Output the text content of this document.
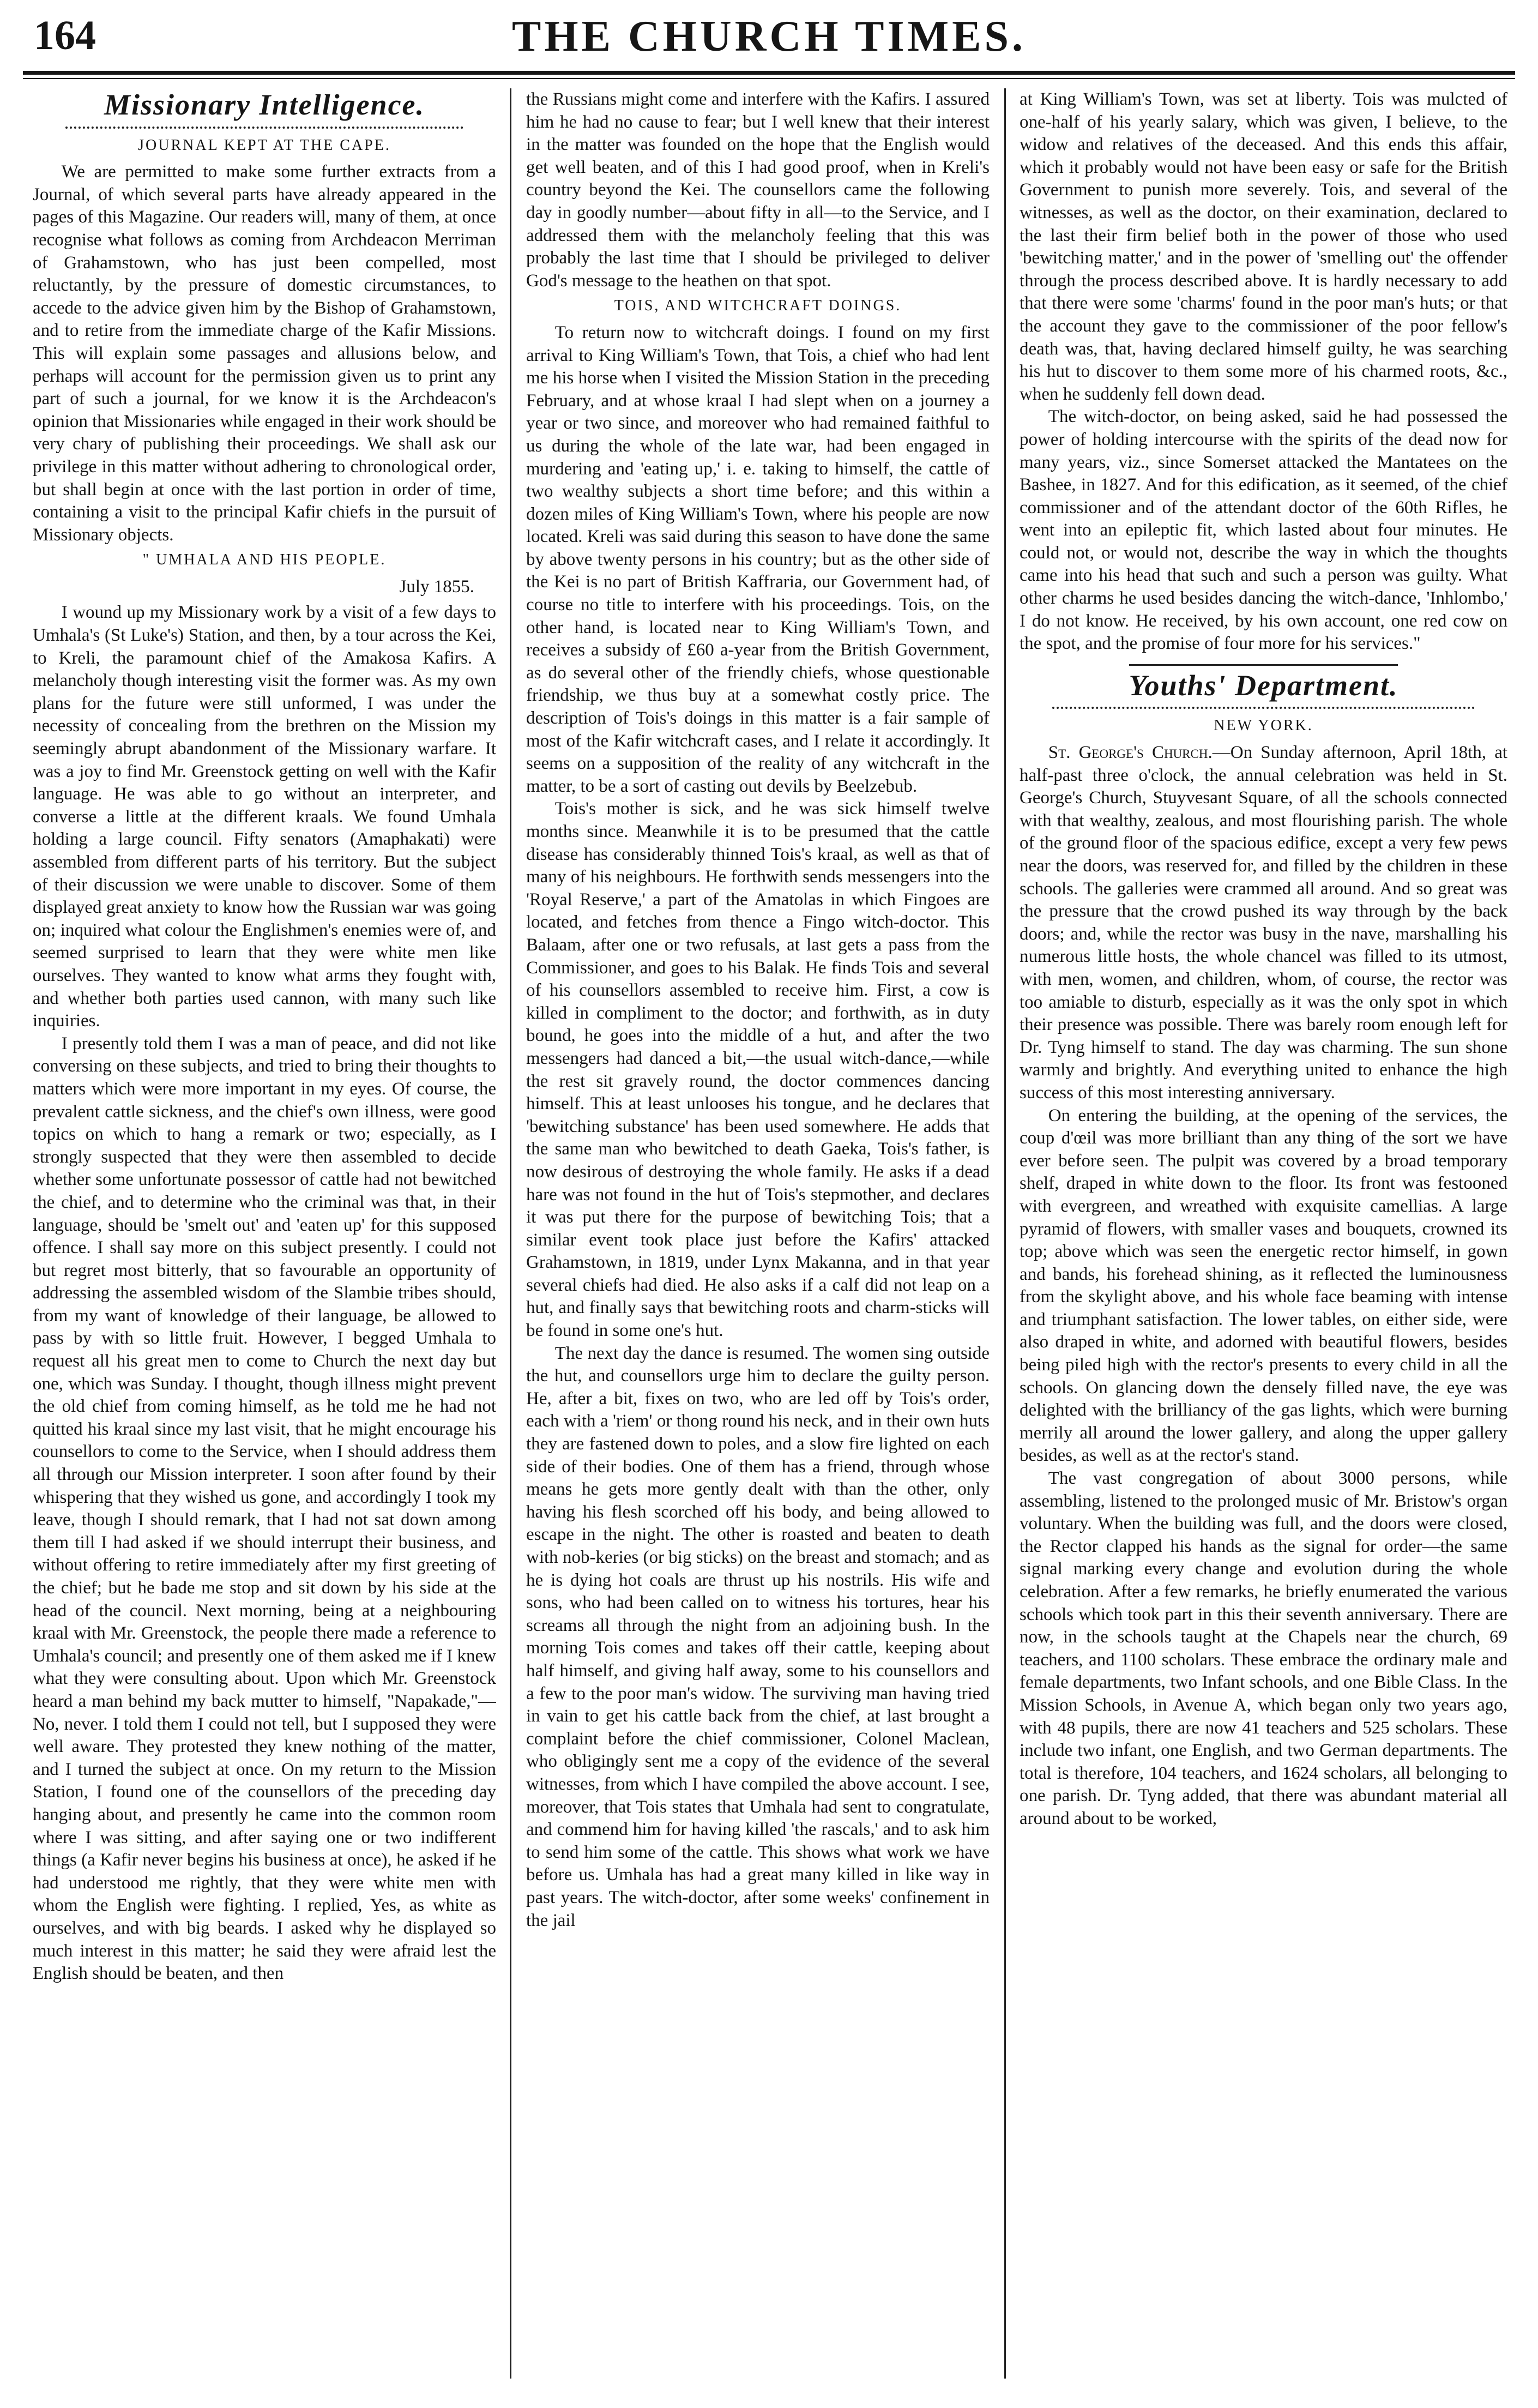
164	THE CHURCH TIMES.
Missionary Intelligence.
JOURNAL KEPT AT THE CAPE.

We are permitted to make some further extracts from a Journal, of which several parts have already appeared in the pages of this Magazine. Our readers will, many of them, at once recognise what follows as coming from Archdeacon Merriman of Grahamstown, who has just been compelled, most reluctantly, by the pressure of domestic circumstances, to accede to the advice given him by the Bishop of Grahamstown, and to retire from the immediate charge of the Kafir Missions. This will explain some passages and allusions below, and perhaps will account for the permission given us to print any part of such a journal, for we know it is the Archdeacon's opinion that Missionaries while engaged in their work should be very chary of publishing their proceedings. We shall ask our privilege in this matter without adhering to chronological order, but shall begin at once with the last portion in order of time, containing a visit to the principal Kafir chiefs in the pursuit of Missionary objects.

" UMHALA AND HIS PEOPLE.
July 1855.

I wound up my Missionary work by a visit of a few days to Umhala's (St Luke's) Station, and then, by a tour across the Kei, to Kreli, the paramount chief of the Amakosa Kafirs. A melancholy though interesting visit the former was. As my own plans for the future were still unformed, I was under the necessity of concealing from the brethren on the Mission my seemingly abrupt abandonment of the Missionary warfare. It was a joy to find Mr. Greenstock getting on well with the Kafir language. He was able to go without an interpreter, and converse a little at the different kraals. We found Umhala holding a large council. Fifty senators (Amaphakati) were assembled from different parts of his territory. But the subject of their discussion we were unable to discover. Some of them displayed great anxiety to know how the Russian war was going on; inquired what colour the Englishmen's enemies were of, and seemed surprised to learn that they were white men like ourselves. They wanted to know what arms they fought with, and whether both parties used cannon, with many such like inquiries.

I presently told them I was a man of peace, and did not like conversing on these subjects, and tried to bring their thoughts to matters which were more important in my eyes. Of course, the prevalent cattle sickness, and the chief's own illness, were good topics on which to hang a remark or two; especially, as I strongly suspected that they were then assembled to decide whether some unfortunate possessor of cattle had not bewitched the chief, and to determine who the criminal was that, in their language, should be 'smelt out' and 'eaten up' for this supposed offence. I shall say more on this subject presently. I could not but regret most bitterly, that so favourable an opportunity of addressing the assembled wisdom of the Slambie tribes should, from my want of knowledge of their language, be allowed to pass by with so little fruit. However, I begged Umhala to request all his great men to come to Church the next day but one, which was Sunday. I thought, though illness might prevent the old chief from coming himself, as he told me he had not quitted his kraal since my last visit, that he might encourage his counsellors to come to the Service, when I should address them all through our Mission interpreter. I soon after found by their whispering that they wished us gone, and accordingly I took my leave, though I should remark, that I had not sat down among them till I had asked if we should interrupt their business, and without offering to retire immediately after my first greeting of the chief; but he bade me stop and sit down by his side at the head of the council. Next morning, being at a neighbouring kraal with Mr. Greenstock, the people there made a reference to Umhala's council; and presently one of them asked me if I knew what they were consulting about. Upon which Mr. Greenstock heard a man behind my back mutter to himself, "Napakade,"—No, never. I told them I could not tell, but I supposed they were well aware. They protested they knew nothing of the matter, and I turned the subject at once. On my return to the Mission Station, I found one of the counsellors of the preceding day hanging about, and presently he came into the common room where I was sitting, and after saying one or two indifferent things (a Kafir never begins his business at once), he asked if he had understood me rightly, that they were white men with whom the English were fighting. I replied, Yes, as white as ourselves, and with big beards. I asked why he displayed so much interest in this matter; he said they were afraid lest the English should be beaten, and then

the Russians might come and interfere with the Kafirs. I assured him he had no cause to fear; but I well knew that their interest in the matter was founded on the hope that the English would get well beaten, and of this I had good proof, when in Kreli's country beyond the Kei. The counsellors came the following day in goodly number—about fifty in all—to the Service, and I addressed them with the melancholy feeling that this was probably the last time that I should be privileged to deliver God's message to the heathen on that spot.

TOIS, AND WITCHCRAFT DOINGS.

To return now to witchcraft doings. I found on my first arrival to King William's Town, that Tois, a chief who had lent me his horse when I visited the Mission Station in the preceding February, and at whose kraal I had slept when on a journey a year or two since, and moreover who had remained faithful to us during the whole of the late war, had been engaged in murdering and 'eating up,' i. e. taking to himself, the cattle of two wealthy subjects a short time before; and this within a dozen miles of King William's Town, where his people are now located. Kreli was said during this season to have done the same by above twenty persons in his country; but as the other side of the Kei is no part of British Kaffraria, our Government had, of course no title to interfere with his proceedings. Tois, on the other hand, is located near to King William's Town, and receives a subsidy of £60 a-year from the British Government, as do several other of the friendly chiefs, whose questionable friendship, we thus buy at a somewhat costly price. The description of Tois's doings in this matter is a fair sample of most of the Kafir witchcraft cases, and I relate it accordingly. It seems on a supposition of the reality of any witchcraft in the matter, to be a sort of casting out devils by Beelzebub.

Tois's mother is sick, and he was sick himself twelve months since. Meanwhile it is to be presumed that the cattle disease has considerably thinned Tois's kraal, as well as that of many of his neighbours. He forthwith sends messengers into the 'Royal Reserve,' a part of the Amatolas in which Fingoes are located, and fetches from thence a Fingo witch-doctor. This Balaam, after one or two refusals, at last gets a pass from the Commissioner, and goes to his Balak. He finds Tois and several of his counsellors assembled to receive him. First, a cow is killed in compliment to the doctor; and forthwith, as in duty bound, he goes into the middle of a hut, and after the two messengers had danced a bit,—the usual witch-dance,—while the rest sit gravely round, the doctor commences dancing himself. This at least unlooses his tongue, and he declares that 'bewitching substance' has been used somewhere. He adds that the same man who bewitched to death Gaeka, Tois's father, is now desirous of destroying the whole family. He asks if a dead hare was not found in the hut of Tois's stepmother, and declares it was put there for the purpose of bewitching Tois; that a similar event took place just before the Kafirs' attacked Grahamstown, in 1819, under Lynx Makanna, and in that year several chiefs had died. He also asks if a calf did not leap on a hut, and finally says that bewitching roots and charm-sticks will be found in some one's hut.

The next day the dance is resumed. The women sing outside the hut, and counsellors urge him to declare the guilty person. He, after a bit, fixes on two, who are led off by Tois's order, each with a 'riem' or thong round his neck, and in their own huts they are fastened down to poles, and a slow fire lighted on each side of their bodies. One of them has a friend, through whose means he gets more gently dealt with than the other, only having his flesh scorched off his body, and being allowed to escape in the night. The other is roasted and beaten to death with nob-keries (or big sticks) on the breast and stomach; and as he is dying hot coals are thrust up his nostrils. His wife and sons, who had been called on to witness his tortures, hear his screams all through the night from an adjoining bush. In the morning Tois comes and takes off their cattle, keeping about half himself, and giving half away, some to his counsellors and a few to the poor man's widow. The surviving man having tried in vain to get his cattle back from the chief, at last brought a complaint before the chief commissioner, Colonel Maclean, who obligingly sent me a copy of the evidence of the several witnesses, from which I have compiled the above account. I see, moreover, that Tois states that Umhala had sent to congratulate, and commend him for having killed 'the rascals,' and to ask him to send him some of the cattle. This shows what work we have before us. Umhala has had a great many killed in like way in past years. The witch-doctor, after some weeks' confinement in the jail

at King William's Town, was set at liberty. Tois was mulcted of one-half of his yearly salary, which was given, I believe, to the widow and relatives of the deceased. And this ends this affair, which it probably would not have been easy or safe for the British Government to punish more severely. Tois, and several of the witnesses, as well as the doctor, on their examination, declared to the last their firm belief both in the power of those who used 'bewitching matter,' and in the power of 'smelling out' the offender through the process described above. It is hardly necessary to add that there were some 'charms' found in the poor man's huts; or that the account they gave to the commissioner of the poor fellow's death was, that, having declared himself guilty, he was searching his hut to discover to them some more of his charmed roots, &c., when he suddenly fell down dead.

The witch-doctor, on being asked, said he had possessed the power of holding intercourse with the spirits of the dead now for many years, viz., since Somerset attacked the Mantatees on the Bashee, in 1827. And for this edification, as it seemed, of the chief commissioner and of the attendant doctor of the 60th Rifles, he went into an epileptic fit, which lasted about four minutes. He could not, or would not, describe the way in which the thoughts came into his head that such and such a person was guilty. What other charms he used besides dancing the witch-dance, 'Inhlombo,' I do not know. He received, by his own account, one red cow on the spot, and the promise of four more for his services."

Youths' Department.
NEW YORK.

St. George's Church.—On Sunday afternoon, April 18th, at half-past three o'clock, the annual celebration was held in St. George's Church, Stuyvesant Square, of all the schools connected with that wealthy, zealous, and most flourishing parish. The whole of the ground floor of the spacious edifice, except a very few pews near the doors, was reserved for, and filled by the children in these schools. The galleries were crammed all around. And so great was the pressure that the crowd pushed its way through by the back doors; and, while the rector was busy in the nave, marshalling his numerous little hosts, the whole chancel was filled to its utmost, with men, women, and children, whom, of course, the rector was too amiable to disturb, especially as it was the only spot in which their presence was possible. There was barely room enough left for Dr. Tyng himself to stand. The day was charming. The sun shone warmly and brightly. And everything united to enhance the high success of this most interesting anniversary.

On entering the building, at the opening of the services, the coup d'œil was more brilliant than any thing of the sort we have ever before seen. The pulpit was covered by a broad temporary shelf, draped in white down to the floor. Its front was festooned with evergreen, and wreathed with exquisite camellias. A large pyramid of flowers, with smaller vases and bouquets, crowned its top; above which was seen the energetic rector himself, in gown and bands, his forehead shining, as it reflected the luminousness from the skylight above, and his whole face beaming with intense and triumphant satisfaction. The lower tables, on either side, were also draped in white, and adorned with beautiful flowers, besides being piled high with the rector's presents to every child in all the schools. On glancing down the densely filled nave, the eye was delighted with the brilliancy of the gas lights, which were burning merrily all around the lower gallery, and along the upper gallery besides, as well as at the rector's stand.

The vast congregation of about 3000 persons, while assembling, listened to the prolonged music of Mr. Bristow's organ voluntary. When the building was full, and the doors were closed, the Rector clapped his hands as the signal for order—the same signal marking every change and evolution during the whole celebration. After a few remarks, he briefly enumerated the various schools which took part in this their seventh anniversary. There are now, in the schools taught at the Chapels near the church, 69 teachers, and 1100 scholars. These embrace the ordinary male and female departments, two Infant schools, and one Bible Class. In the Mission Schools, in Avenue A, which began only two years ago, with 48 pupils, there are now 41 teachers and 525 scholars. These include two infant, one English, and two German departments. The total is therefore, 104 teachers, and 1624 scholars, all belonging to one parish. Dr. Tyng added, that there was abundant material all around about to be worked,
